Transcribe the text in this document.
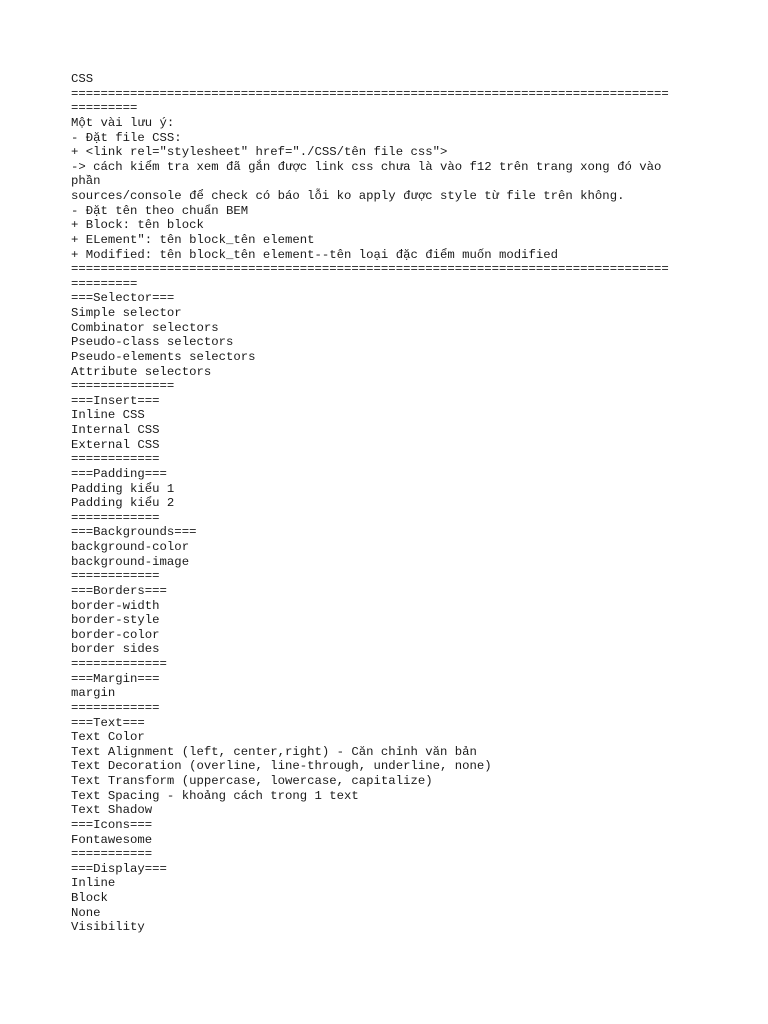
CSS
=================================================================================
=========
Một vài lưu ý:
- Đặt file CSS:
+ <link rel="stylesheet" href="./CSS/tên file css">
-> cách kiểm tra xem đã gắn được link css chưa là vào f12 trên trang xong đó vào
phần
sources/console để check có báo lỗi ko apply được style từ file trên không.
- Đặt tên theo chuẩn BEM
+ Block: tên block
+ ELement": tên block_tên element
+ Modified: tên block_tên element--tên loại đặc điểm muốn modified
=================================================================================
=========
===Selector===
Simple selector
Combinator selectors
Pseudo-class selectors
Pseudo-elements selectors
Attribute selectors
==============
===Insert===
Inline CSS
Internal CSS
External CSS
============
===Padding===
Padding kiểu 1
Padding kiểu 2
============
===Backgrounds===
background-color
background-image
============
===Borders===
border-width
border-style
border-color
border sides
=============
===Margin===
margin
============
===Text===
Text Color
Text Alignment (left, center,right) - Căn chỉnh văn bản
Text Decoration (overline, line-through, underline, none)
Text Transform (uppercase, lowercase, capitalize)
Text Spacing - khoảng cách trong 1 text
Text Shadow
===Icons===
Fontawesome
===========
===Display===
Inline
Block
None
Visibility
